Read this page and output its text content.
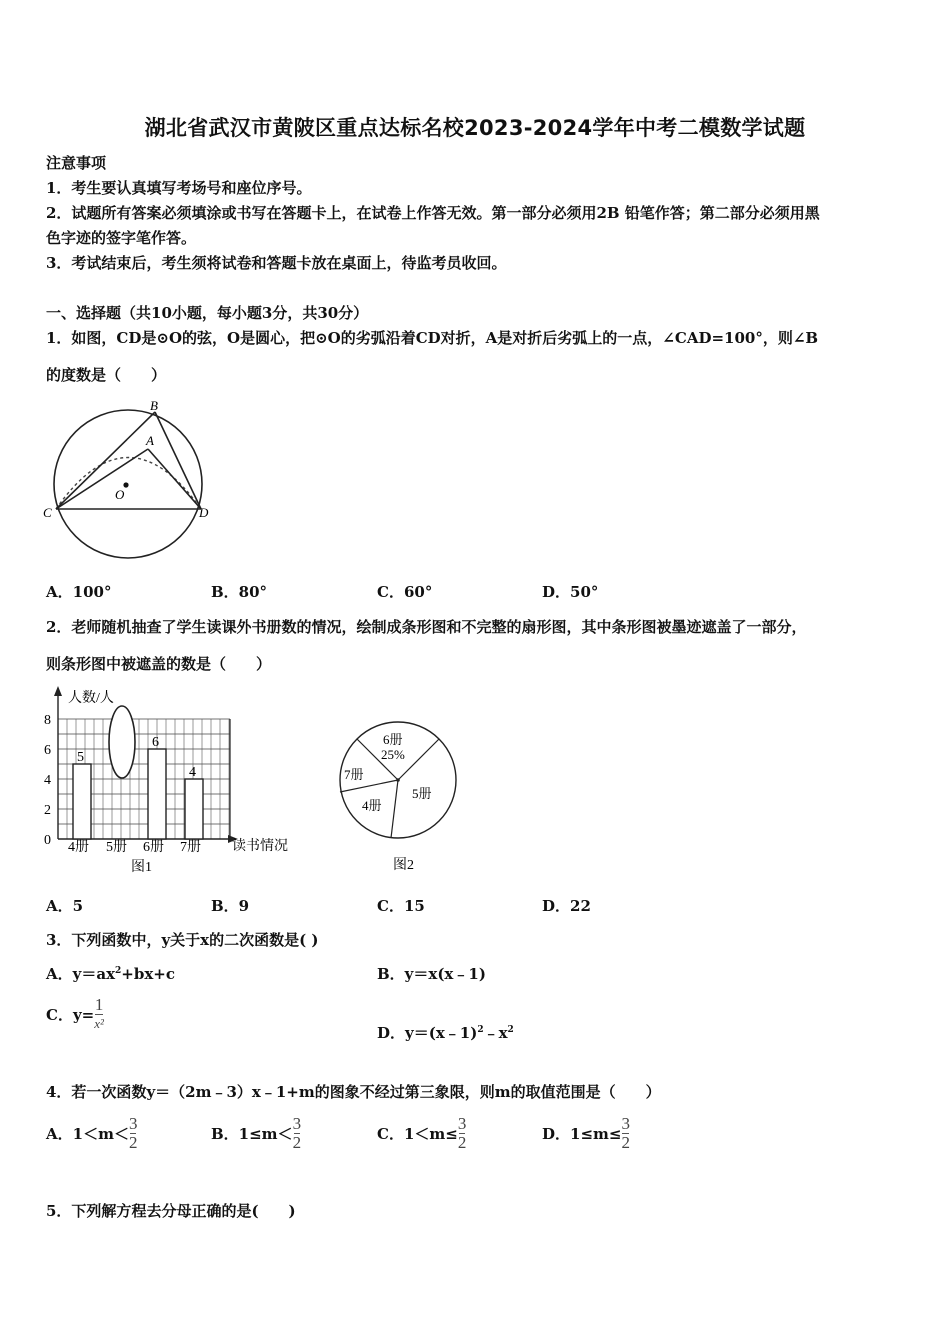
湖北省武汉市黄陂区重点达标名校2023-2024学年中考二模数学试题
注意事项
1．考生要认真填写考场号和座位序号。
2．试题所有答案必须填涂或书写在答题卡上，在试卷上作答无效。第一部分必须用2B 铅笔作答；第二部分必须用黑
色字迹的签字笔作答。
3．考试结束后，考生须将试卷和答题卡放在桌面上，待监考员收回。
一、选择题（共10小题，每小题3分，共30分）
1．如图，CD是⊙O的弦，O是圆心，把⊙O的劣弧沿着CD对折，A是对折后劣弧上的一点，∠CAD=100°，则∠B
的度数是（　　）
B
A
O
C	D
A．100°	B．80°	C．60°	D．50°
2．老师随机抽查了学生读课外书册数的情况，绘制成条形图和不完整的扇形图，其中条形图被墨迹遮盖了一部分，
则条形图中被遮盖的数是（　　）
人数/人
读书情况
0
2
4
6
8
4册 5册 6册 7册
5
6
4
图1
6册
25%
5册
4册
7册
图2
A．5	B．9	C．15	D．22
3．下列函数中，y关于x的二次函数是( )
A．$y=ax^2+bx+c$	B．y＝x(x﹣1)
C．$y= \frac{1}{\text{x²}}$	D．$y=(x﹣1)^2﹣x^2$
4．若一次函数y＝（2m﹣3）x﹣1+m的图象不经过第三象限，则m的取值范围是（　　）
A．$1<m< \frac{3}{2}$	B．$1\le m< \frac{3}{2}$	C．$1<m\le \frac{3}{2}$	D．$1\le m\le \frac{3}{2}$
5．下列解方程去分母正确的是(　　)
